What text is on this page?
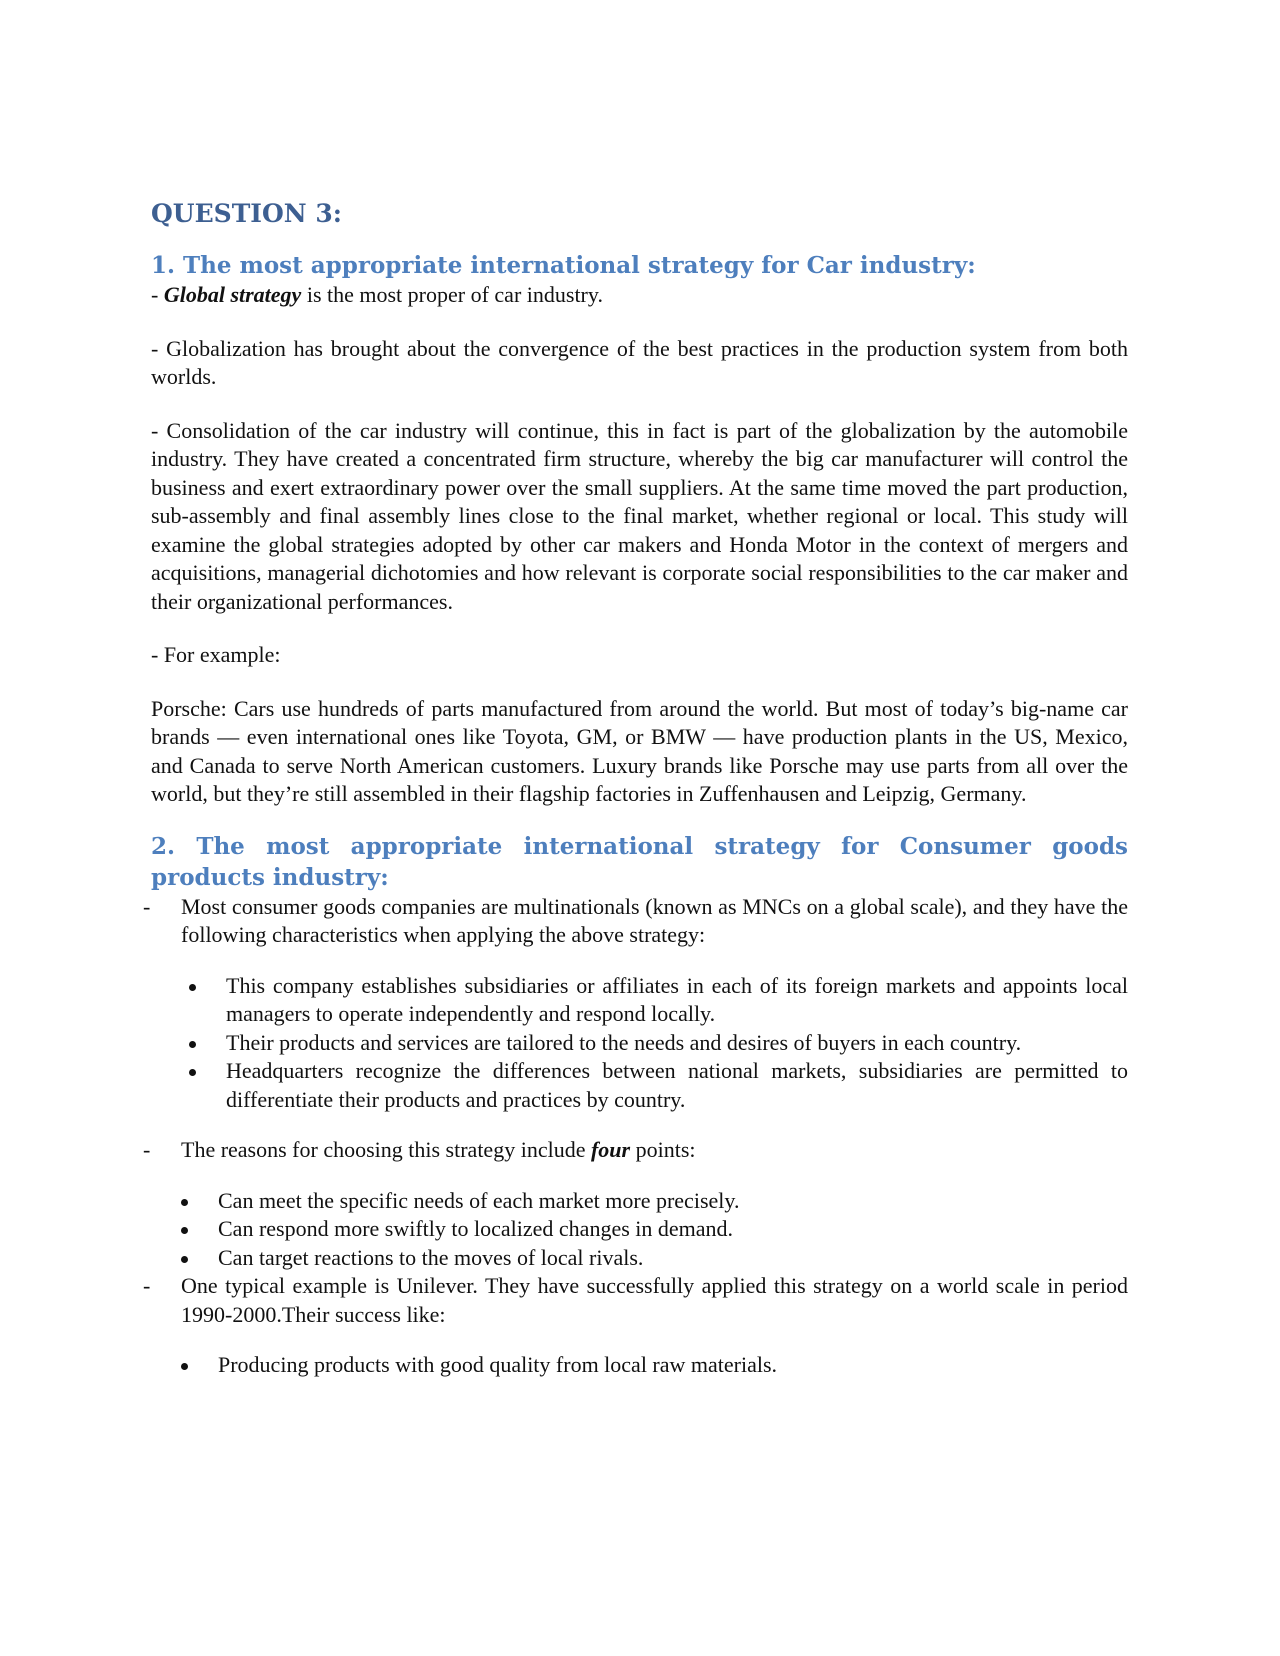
QUESTION 3:
1. The most appropriate international strategy for Car industry:

- Global strategy is the most proper of car industry.

- Globalization has brought about the convergence of the best practices in the production system from both worlds.

- Consolidation of the car industry will continue, this in fact is part of the globalization by the automobile industry. They have created a concentrated firm structure, whereby the big car manufacturer will control the business and exert extraordinary power over the small suppliers. At the same time moved the part production, sub-assembly and final assembly lines close to the final market, whether regional or local. This study will examine the global strategies adopted by other car makers and Honda Motor in the context of mergers and acquisitions, managerial dichotomies and how relevant is corporate social responsibilities to the car maker and their organizational performances.

- For example:

Porsche: Cars use hundreds of parts manufactured from around the world. But most of today’s big-name car brands — even international ones like Toyota, GM, or BMW — have production plants in the US, Mexico, and Canada to serve North American customers. Luxury brands like Porsche may use parts from all over the world, but they’re still assembled in their flagship factories in Zuffenhausen and Leipzig, Germany.

2. The most appropriate international strategy for Consumer goods products industry:
- Most consumer goods companies are multinationals (known as MNCs on a global scale), and they have the following characteristics when applying the above strategy:
This company establishes subsidiaries or affiliates in each of its foreign markets and appoints local managers to operate independently and respond locally.
Their products and services are tailored to the needs and desires of buyers in each country.
Headquarters recognize the differences between national markets, subsidiaries are permitted to differentiate their products and practices by country.
- The reasons for choosing this strategy include four points:
Can meet the specific needs of each market more precisely.
Can respond more swiftly to localized changes in demand.
Can target reactions to the moves of local rivals.
- One typical example is Unilever. They have successfully applied this strategy on a world scale in period 1990-2000.Their success like:
Producing products with good quality from local raw materials.
